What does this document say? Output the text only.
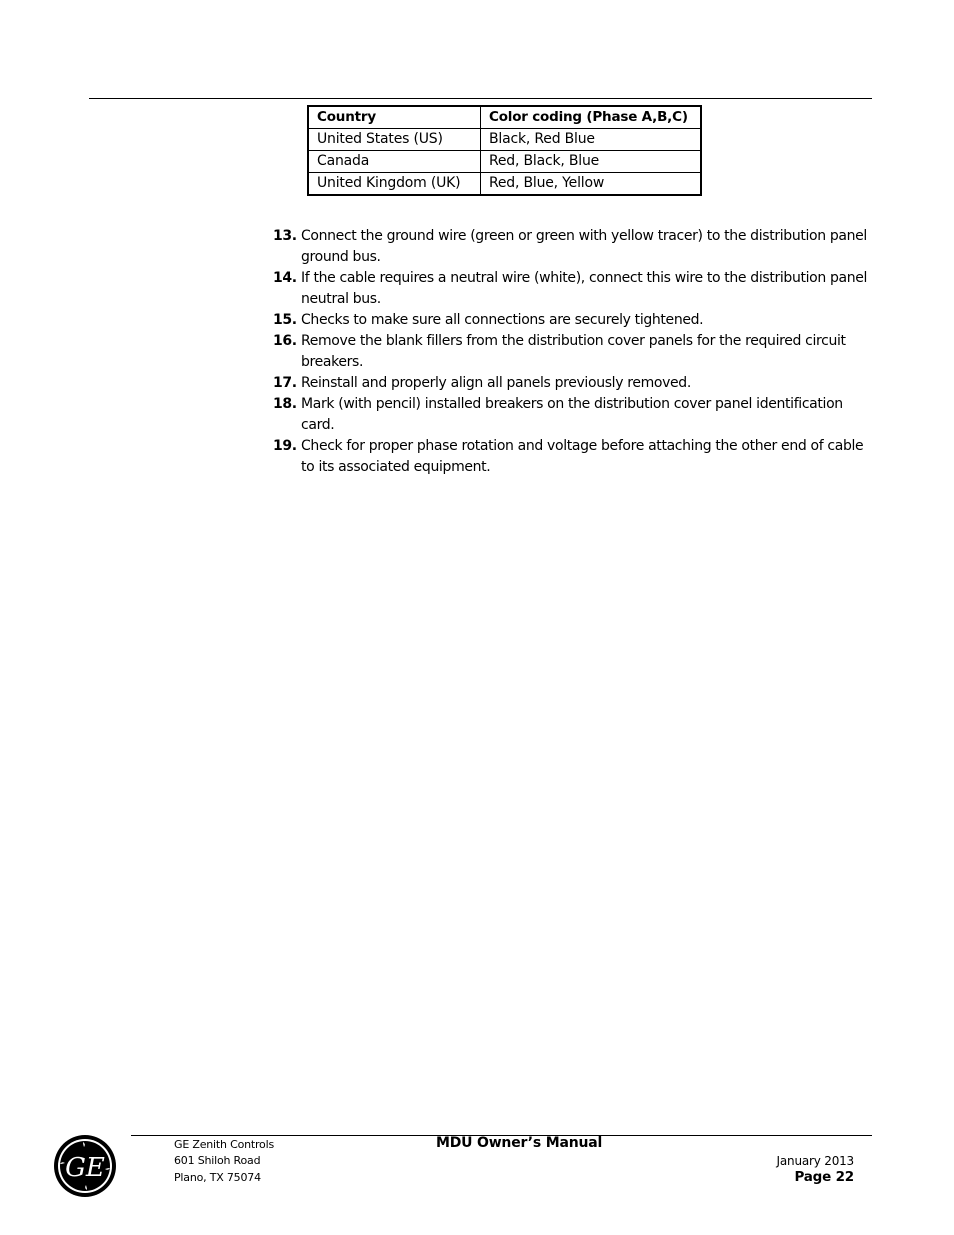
Country	Color coding (Phase A,B,C)
United States (US)	Black, Red Blue
Canada	Red, Black, Blue
United Kingdom (UK)	Red, Blue, Yellow
13. Connect the ground wire (green or green with yellow tracer) to the distribution panel ground bus.
14. If the cable requires a neutral wire (white), connect this wire to the distribution panel neutral bus.
15. Checks to make sure all connections are securely tightened.
16. Remove the blank fillers from the distribution cover panels for the required circuit breakers.
17. Reinstall and properly align all panels previously removed.
18. Mark (with pencil) installed breakers on the distribution cover panel identification card.
19. Check for proper phase rotation and voltage before attaching the other end of cable to its associated equipment.
GE
GE Zenith Controls
601 Shiloh Road
Plano, TX 75074
MDU Owner’s Manual
January 2013
Page 22
